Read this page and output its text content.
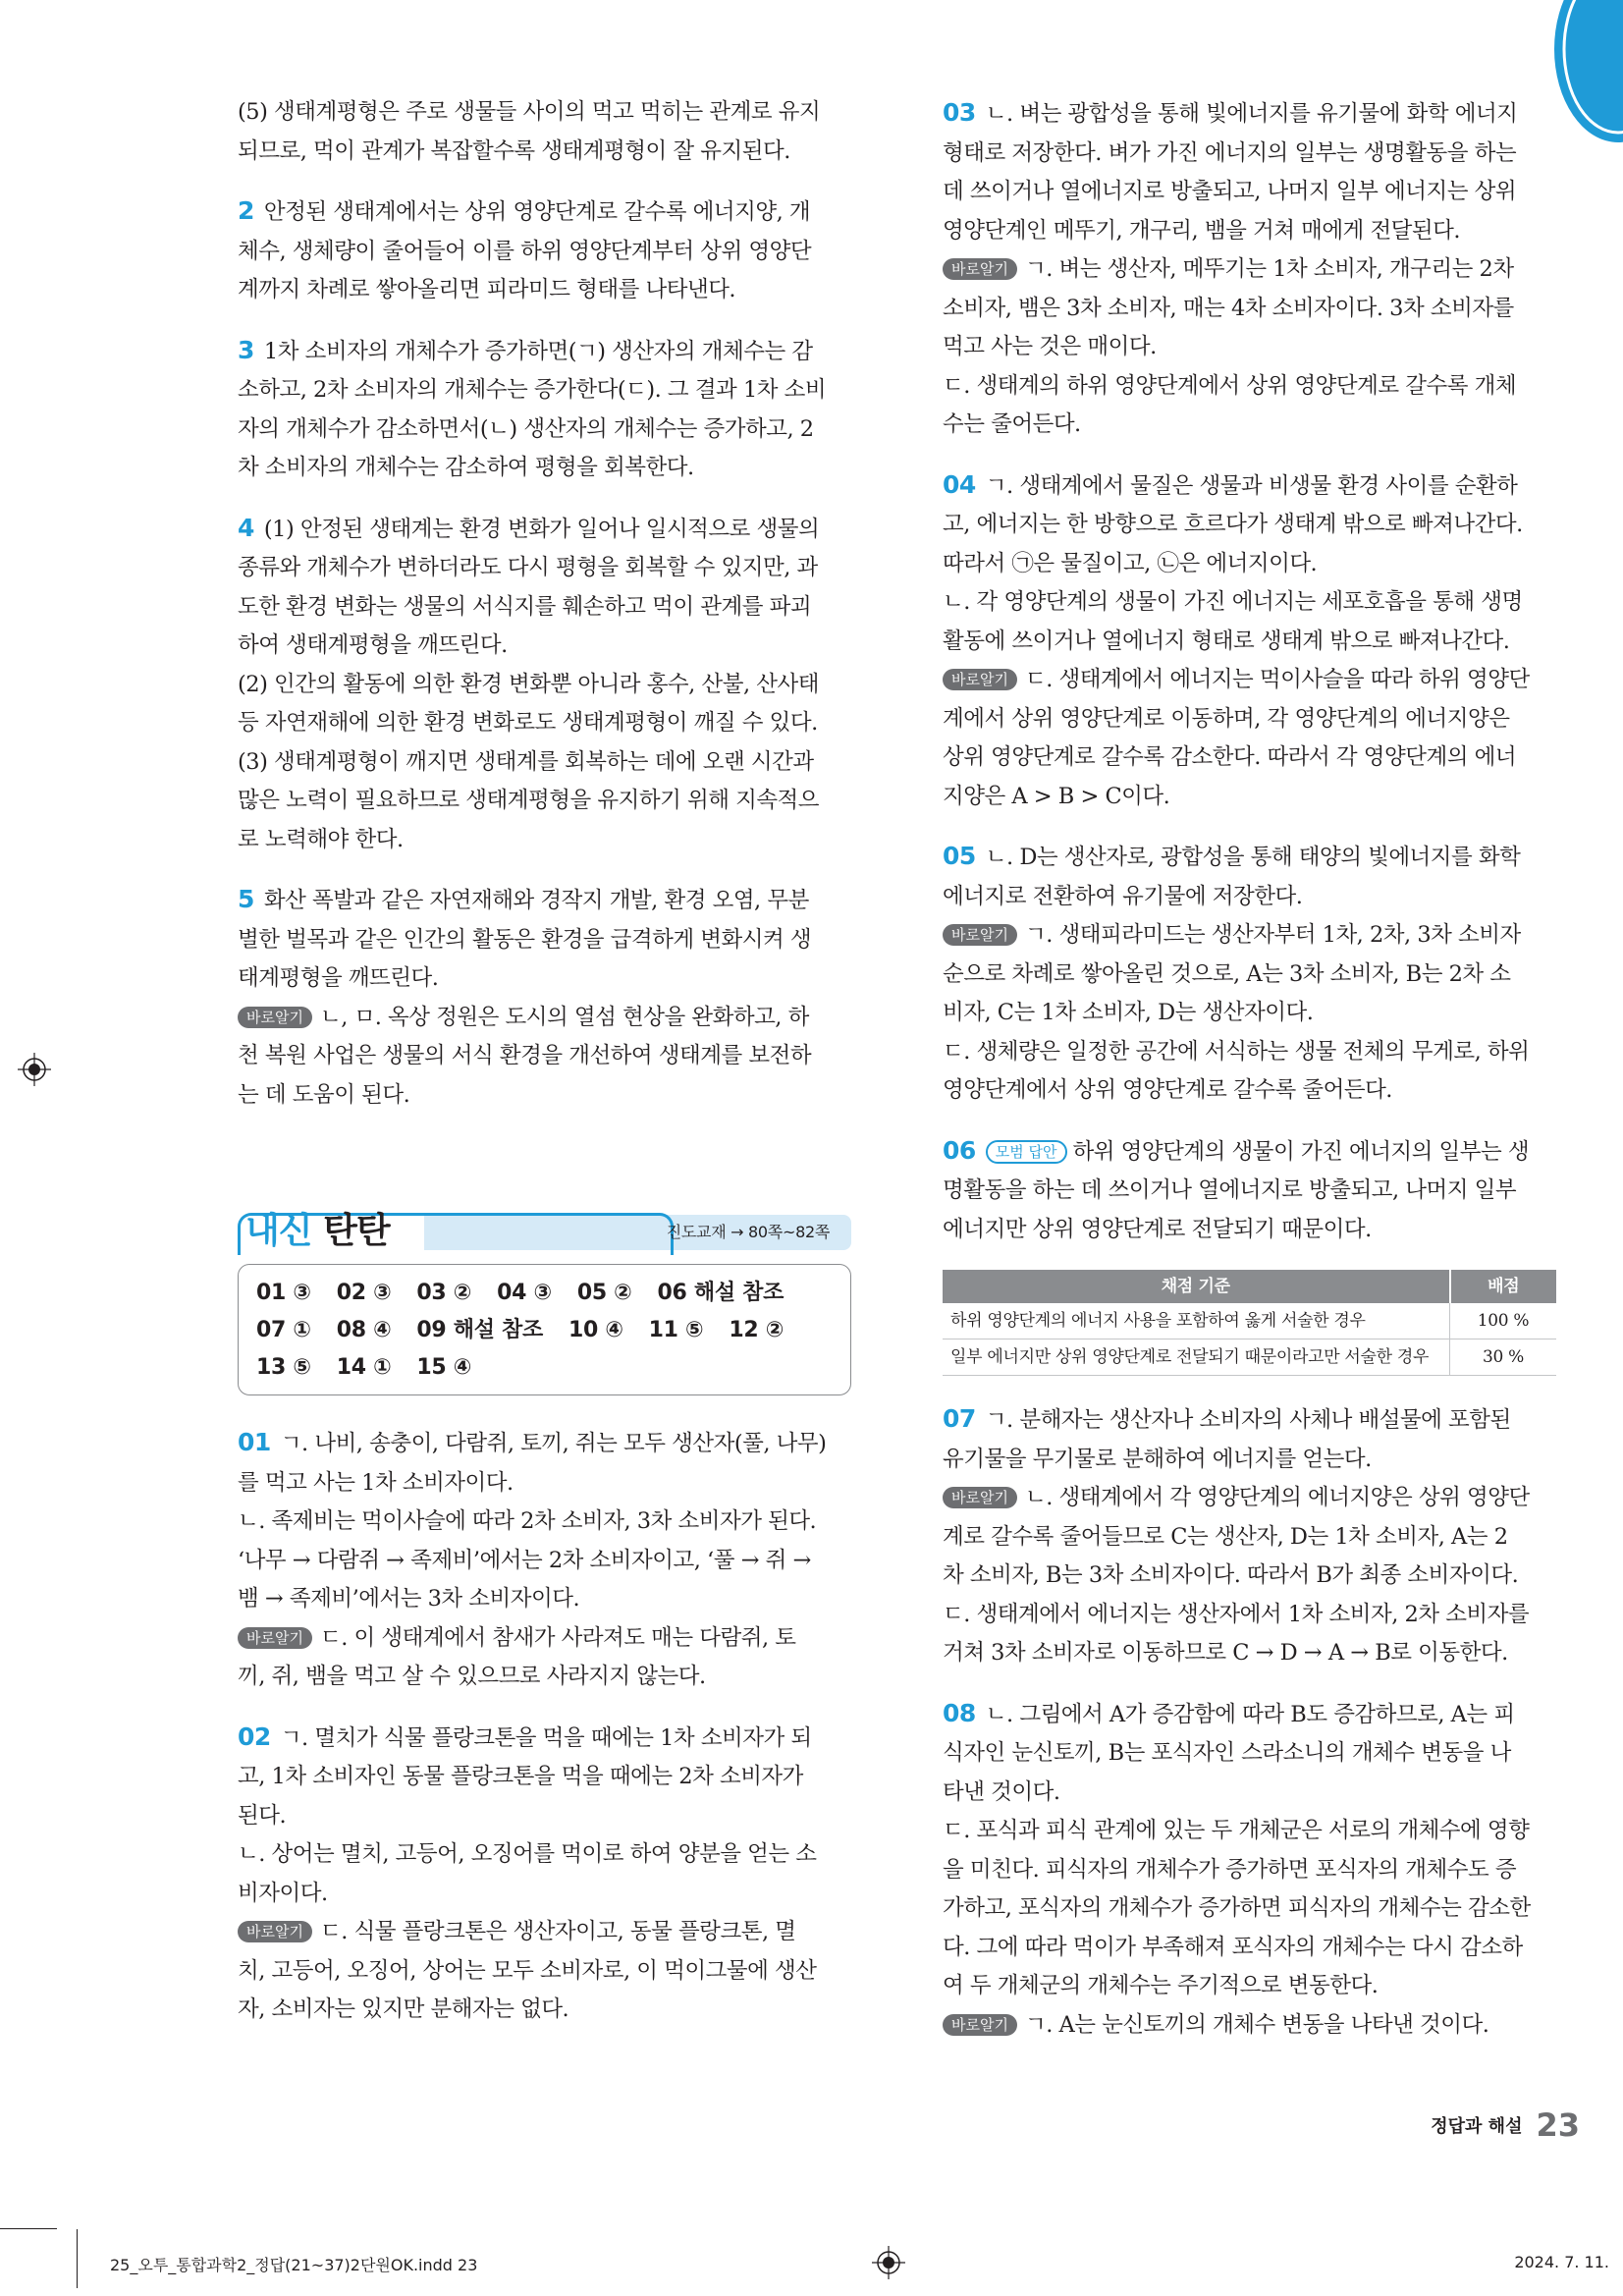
(5) 생태계평형은 주로 생물들 사이의 먹고 먹히는 관계로 유지

되므로, 먹이 관계가 복잡할수록 생태계평형이 잘 유지된다.

2 안정된 생태계에서는 상위 영양단계로 갈수록 에너지양, 개

체수, 생체량이 줄어들어 이를 하위 영양단계부터 상위 영양단

계까지 차례로 쌓아올리면 피라미드 형태를 나타낸다.

3 1차 소비자의 개체수가 증가하면(ㄱ) 생산자의 개체수는 감

소하고, 2차 소비자의 개체수는 증가한다(ㄷ). 그 결과 1차 소비

자의 개체수가 감소하면서(ㄴ) 생산자의 개체수는 증가하고, 2

차 소비자의 개체수는 감소하여 평형을 회복한다.

4 (1) 안정된 생태계는 환경 변화가 일어나 일시적으로 생물의

종류와 개체수가 변하더라도 다시 평형을 회복할 수 있지만, 과

도한 환경 변화는 생물의 서식지를 훼손하고 먹이 관계를 파괴

하여 생태계평형을 깨뜨린다.

(2) 인간의 활동에 의한 환경 변화뿐 아니라 홍수, 산불, 산사태

등 자연재해에 의한 환경 변화로도 생태계평형이 깨질 수 있다.

(3) 생태계평형이 깨지면 생태계를 회복하는 데에 오랜 시간과

많은 노력이 필요하므로 생태계평형을 유지하기 위해 지속적으

로 노력해야 한다.

5 화산 폭발과 같은 자연재해와 경작지 개발, 환경 오염, 무분

별한 벌목과 같은 인간의 활동은 환경을 급격하게 변화시켜 생

태계평형을 깨뜨린다.

바로알기 ㄴ, ㅁ. 옥상 정원은 도시의 열섬 현상을 완화하고, 하

천 복원 사업은 생물의 서식 환경을 개선하여 생태계를 보전하

는 데 도움이 된다.

내신 탄탄	진도교재 → 80쪽~82쪽
01 ③ 02 ③ 03 ② 04 ③ 05 ② 06 해설 참조
07 ① 08 ④ 09 해설 참조 10 ④ 11 ⑤ 12 ②
13 ⑤ 14 ① 15 ④

01 ㄱ. 나비, 송충이, 다람쥐, 토끼, 쥐는 모두 생산자(풀, 나무)

를 먹고 사는 1차 소비자이다.

ㄴ. 족제비는 먹이사슬에 따라 2차 소비자, 3차 소비자가 된다.

‘나무 → 다람쥐 → 족제비’에서는 2차 소비자이고, ‘풀 → 쥐 →

뱀 → 족제비’에서는 3차 소비자이다.

바로알기 ㄷ. 이 생태계에서 참새가 사라져도 매는 다람쥐, 토

끼, 쥐, 뱀을 먹고 살 수 있으므로 사라지지 않는다.

02 ㄱ. 멸치가 식물 플랑크톤을 먹을 때에는 1차 소비자가 되

고, 1차 소비자인 동물 플랑크톤을 먹을 때에는 2차 소비자가

된다.

ㄴ. 상어는 멸치, 고등어, 오징어를 먹이로 하여 양분을 얻는 소

비자이다.

바로알기 ㄷ. 식물 플랑크톤은 생산자이고, 동물 플랑크톤, 멸

치, 고등어, 오징어, 상어는 모두 소비자로, 이 먹이그물에 생산

자, 소비자는 있지만 분해자는 없다.

03 ㄴ. 벼는 광합성을 통해 빛에너지를 유기물에 화학 에너지

형태로 저장한다. 벼가 가진 에너지의 일부는 생명활동을 하는

데 쓰이거나 열에너지로 방출되고, 나머지 일부 에너지는 상위

영양단계인 메뚜기, 개구리, 뱀을 거쳐 매에게 전달된다.

바로알기 ㄱ. 벼는 생산자, 메뚜기는 1차 소비자, 개구리는 2차

소비자, 뱀은 3차 소비자, 매는 4차 소비자이다. 3차 소비자를

먹고 사는 것은 매이다.

ㄷ. 생태계의 하위 영양단계에서 상위 영양단계로 갈수록 개체

수는 줄어든다.

04 ㄱ. 생태계에서 물질은 생물과 비생물 환경 사이를 순환하

고, 에너지는 한 방향으로 흐르다가 생태계 밖으로 빠져나간다.

따라서 ㉠은 물질이고, ㉡은 에너지이다.

ㄴ. 각 영양단계의 생물이 가진 에너지는 세포호흡을 통해 생명

활동에 쓰이거나 열에너지 형태로 생태계 밖으로 빠져나간다.

바로알기 ㄷ. 생태계에서 에너지는 먹이사슬을 따라 하위 영양단

계에서 상위 영양단계로 이동하며, 각 영양단계의 에너지양은

상위 영양단계로 갈수록 감소한다. 따라서 각 영양단계의 에너

지양은 A > B > C이다.

05 ㄴ. D는 생산자로, 광합성을 통해 태양의 빛에너지를 화학

에너지로 전환하여 유기물에 저장한다.

바로알기 ㄱ. 생태피라미드는 생산자부터 1차, 2차, 3차 소비자

순으로 차례로 쌓아올린 것으로, A는 3차 소비자, B는 2차 소

비자, C는 1차 소비자, D는 생산자이다.

ㄷ. 생체량은 일정한 공간에 서식하는 생물 전체의 무게로, 하위

영양단계에서 상위 영양단계로 갈수록 줄어든다.

06 모범 답안 하위 영양단계의 생물이 가진 에너지의 일부는 생

명활동을 하는 데 쓰이거나 열에너지로 방출되고, 나머지 일부

에너지만 상위 영양단계로 전달되기 때문이다.

채점 기준	배점
하위 영양단계의 에너지 사용을 포함하여 옳게 서술한 경우	100 %
일부 에너지만 상위 영양단계로 전달되기 때문이라고만 서술한 경우	30 %

07 ㄱ. 분해자는 생산자나 소비자의 사체나 배설물에 포함된

유기물을 무기물로 분해하여 에너지를 얻는다.

바로알기 ㄴ. 생태계에서 각 영양단계의 에너지양은 상위 영양단

계로 갈수록 줄어들므로 C는 생산자, D는 1차 소비자, A는 2

차 소비자, B는 3차 소비자이다. 따라서 B가 최종 소비자이다.

ㄷ. 생태계에서 에너지는 생산자에서 1차 소비자, 2차 소비자를

거쳐 3차 소비자로 이동하므로 C → D → A → B로 이동한다.

08 ㄴ. 그림에서 A가 증감함에 따라 B도 증감하므로, A는 피

식자인 눈신토끼, B는 포식자인 스라소니의 개체수 변동을 나

타낸 것이다.

ㄷ. 포식과 피식 관계에 있는 두 개체군은 서로의 개체수에 영향

을 미친다. 피식자의 개체수가 증가하면 포식자의 개체수도 증

가하고, 포식자의 개체수가 증가하면 피식자의 개체수는 감소한

다. 그에 따라 먹이가 부족해져 포식자의 개체수는 다시 감소하

여 두 개체군의 개체수는 주기적으로 변동한다.

바로알기 ㄱ. A는 눈신토끼의 개체수 변동을 나타낸 것이다.

정답과 해설 23
25_오투_통합과학2_정답(21~37)2단원OK.indd 23	2024. 7. 11.
